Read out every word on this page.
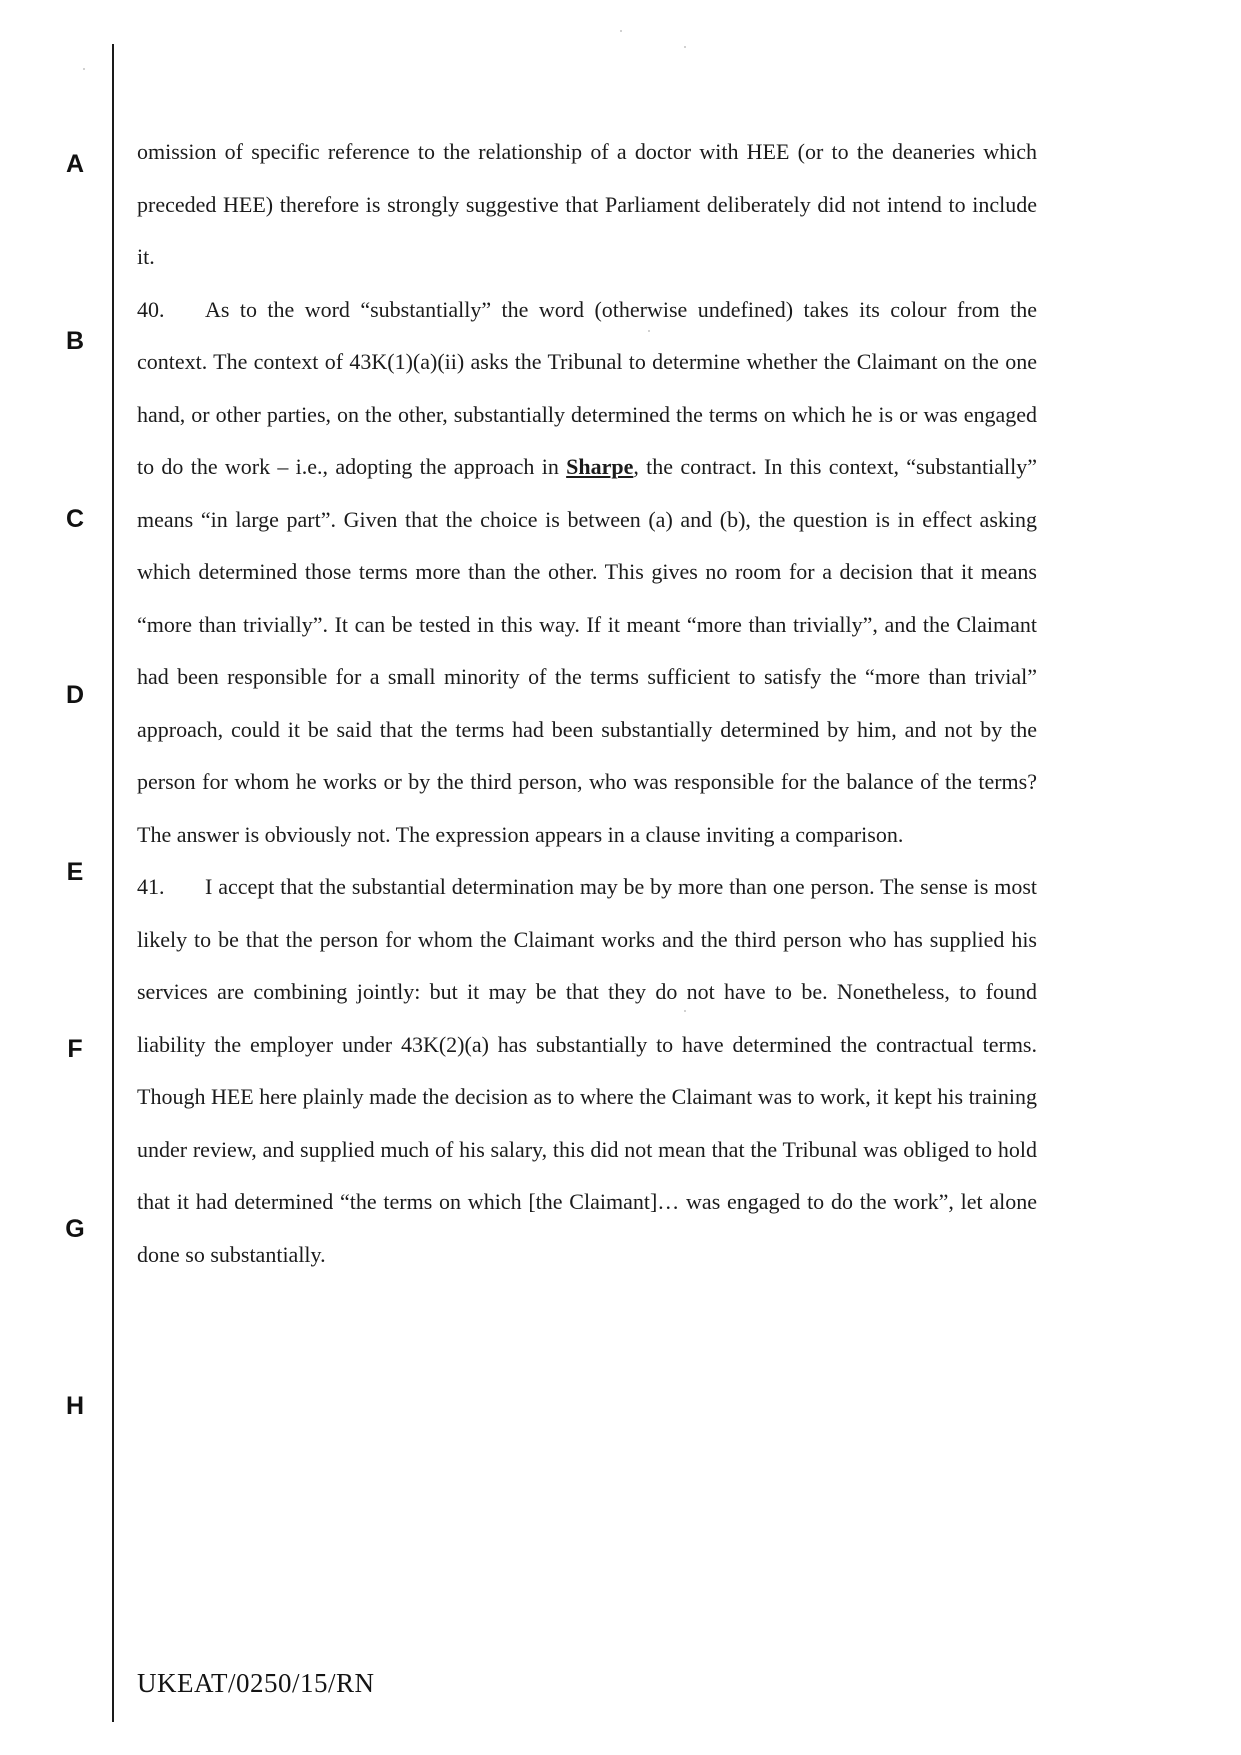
A
B
C
D
E
F
G
H

omission of specific reference to the relationship of a doctor with HEE (or to the deaneries which preceded HEE) therefore is strongly suggestive that Parliament deliberately did not intend to include it.

40. As to the word “substantially” the word (otherwise undefined) takes its colour from the context. The context of 43K(1)(a)(ii) asks the Tribunal to determine whether the Claimant on the one hand, or other parties, on the other, substantially determined the terms on which he is or was engaged to do the work – i.e., adopting the approach in Sharpe, the contract. In this context, “substantially” means “in large part”. Given that the choice is between (a) and (b), the question is in effect asking which determined those terms more than the other. This gives no room for a decision that it means “more than trivially”. It can be tested in this way. If it meant “more than trivially”, and the Claimant had been responsible for a small minority of the terms sufficient to satisfy the “more than trivial” approach, could it be said that the terms had been substantially determined by him, and not by the person for whom he works or by the third person, who was responsible for the balance of the terms? The answer is obviously not. The expression appears in a clause inviting a comparison.

41. I accept that the substantial determination may be by more than one person. The sense is most likely to be that the person for whom the Claimant works and the third person who has supplied his services are combining jointly: but it may be that they do not have to be. Nonetheless, to found liability the employer under 43K(2)(a) has substantially to have determined the contractual terms. Though HEE here plainly made the decision as to where the Claimant was to work, it kept his training under review, and supplied much of his salary, this did not mean that the Tribunal was obliged to hold that it had determined “the terms on which [the Claimant]… was engaged to do the work”, let alone done so substantially.

UKEAT/0250/15/RN
